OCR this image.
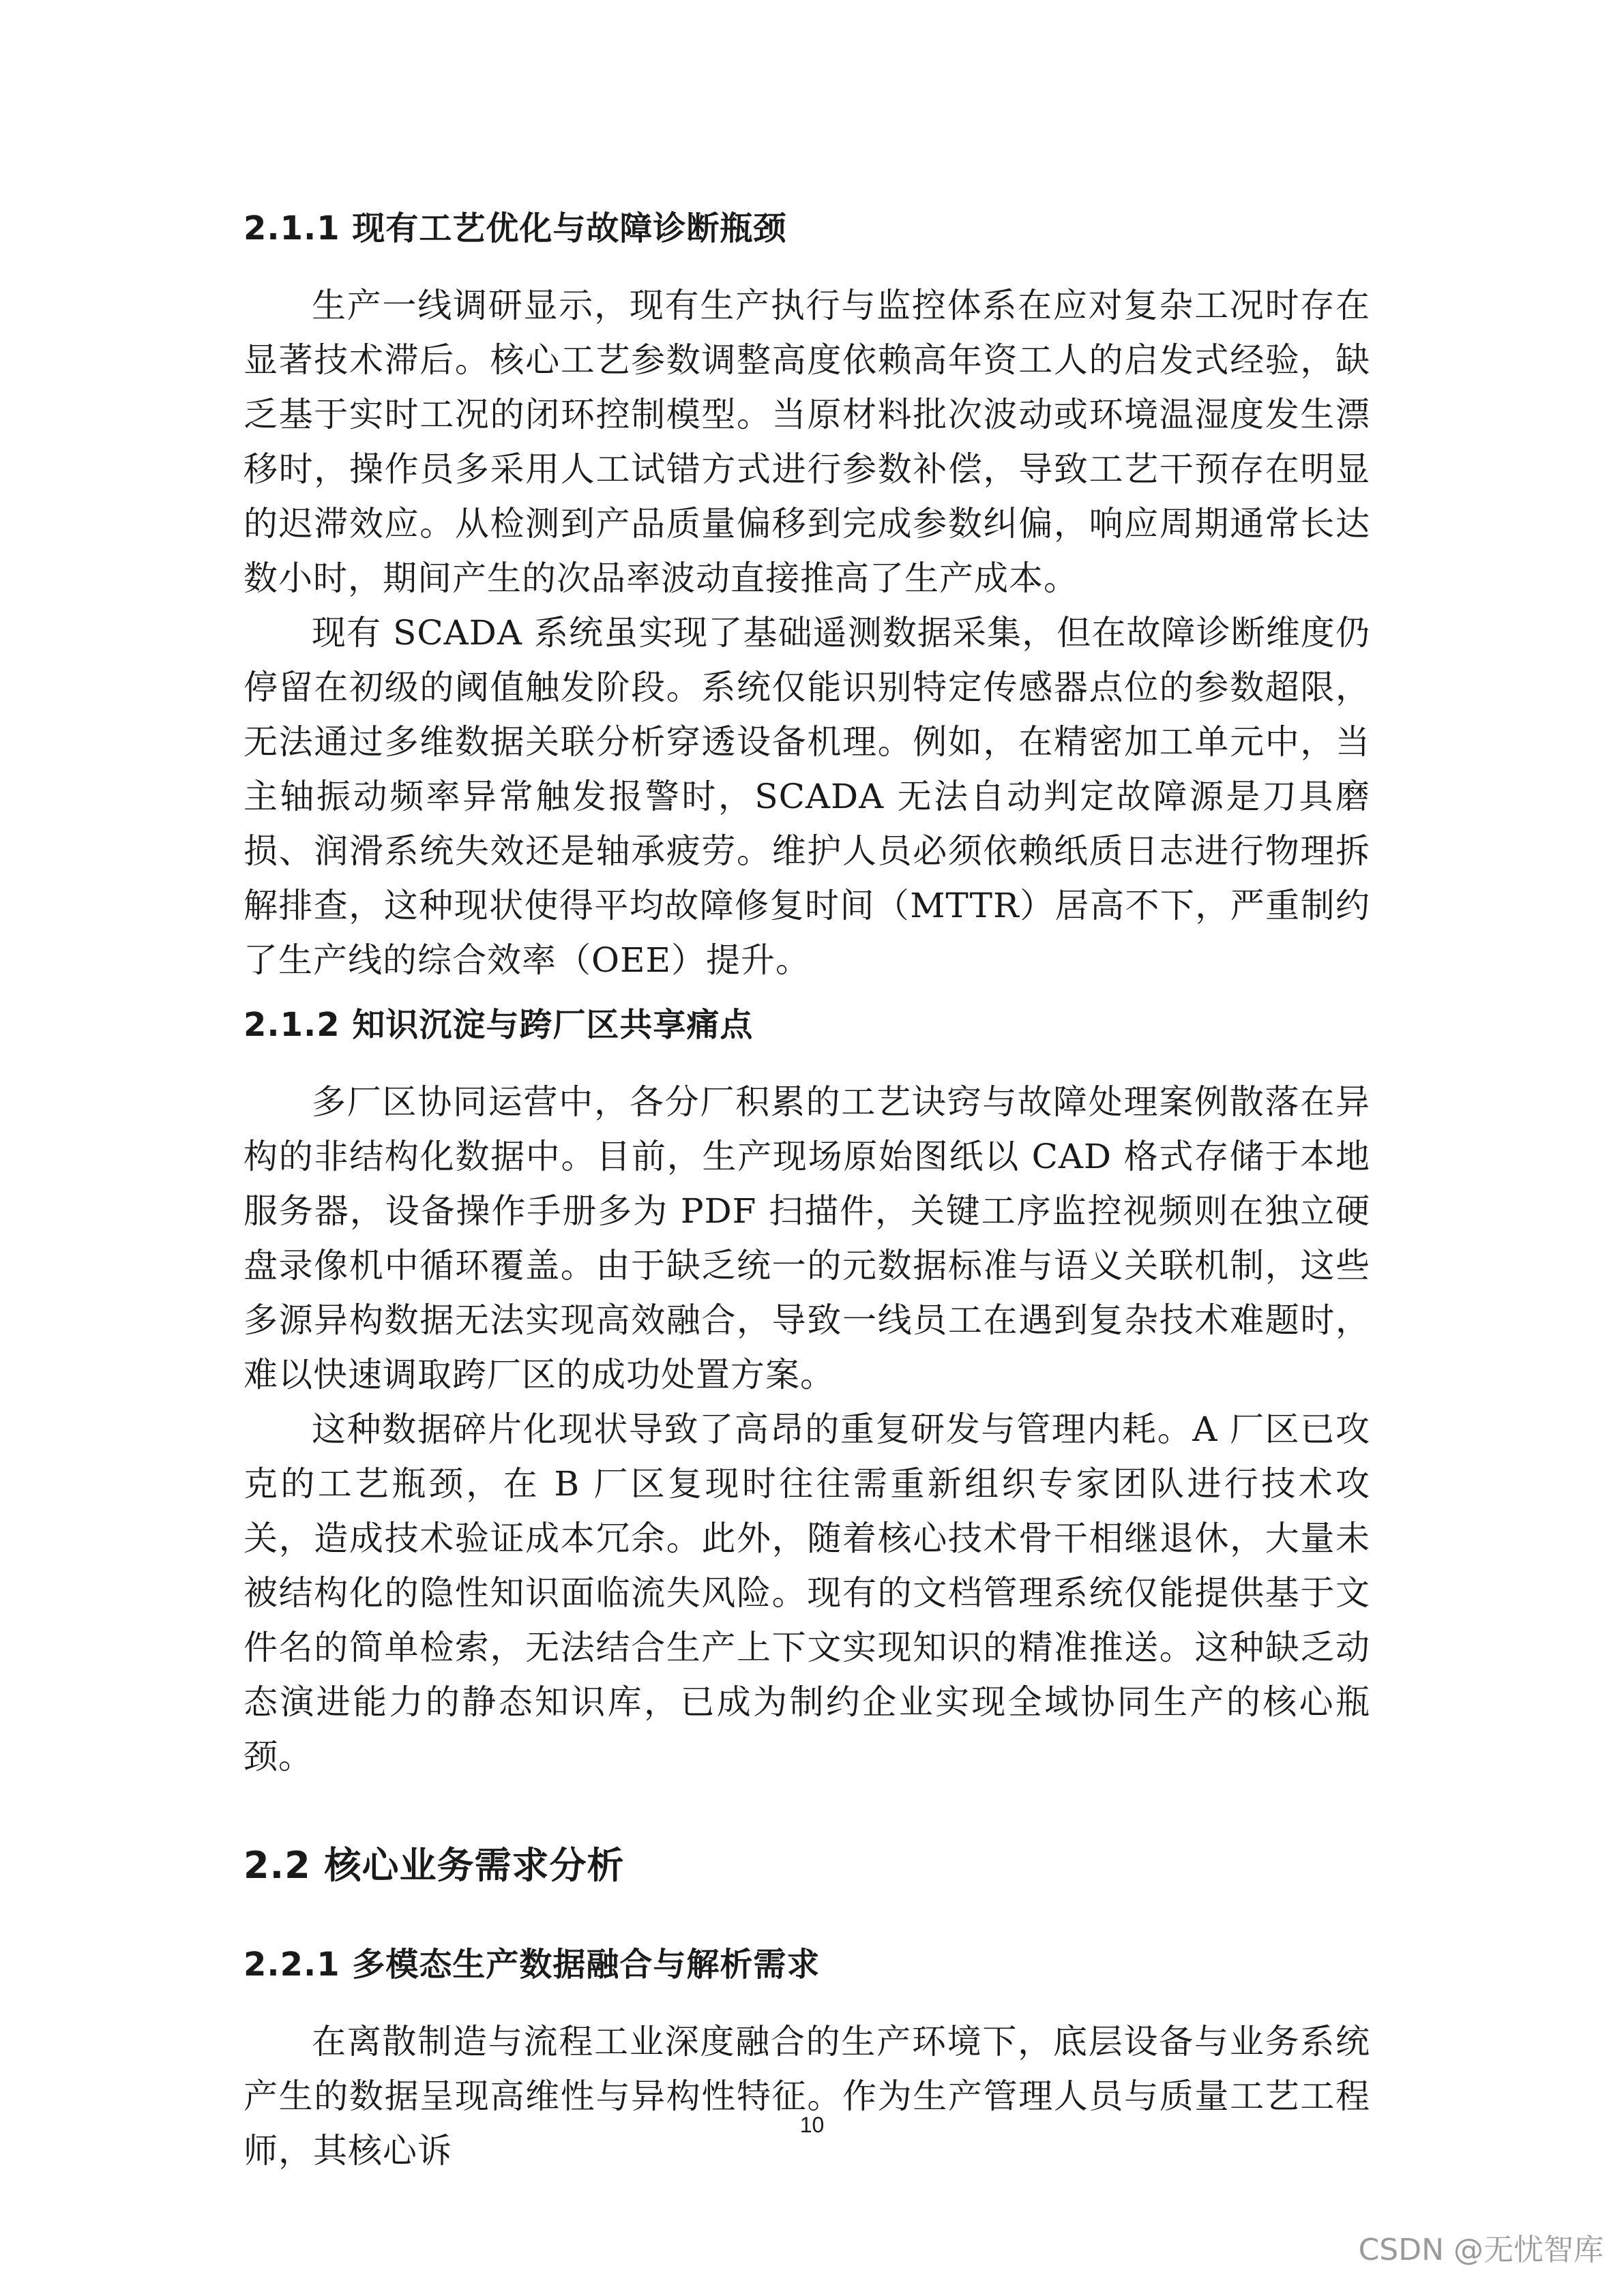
2.1.1 现有工艺优化与故障诊断瓶颈

生产一线调研显示，现有生产执行与监控体系在应对复杂工况时存在显著技术滞后。核心工艺参数调整高度依赖高年资工人的启发式经验，缺乏基于实时工况的闭环控制模型。当原材料批次波动或环境温湿度发生漂移时，操作员多采用人工试错方式进行参数补偿，导致工艺干预存在明显的迟滞效应。从检测到产品质量偏移到完成参数纠偏，响应周期通常长达数小时，期间产生的次品率波动直接推高了生产成本。

现有 SCADA 系统虽实现了基础遥测数据采集，但在故障诊断维度仍停留在初级的阈值触发阶段。系统仅能识别特定传感器点位的参数超限，无法通过多维数据关联分析穿透设备机理。例如，在精密加工单元中，当主轴振动频率异常触发报警时，SCADA 无法自动判定故障源是刀具磨损、润滑系统失效还是轴承疲劳。维护人员必须依赖纸质日志进行物理拆解排查，这种现状使得平均故障修复时间（MTTR）居高不下，严重制约了生产线的综合效率（OEE）提升。

2.1.2 知识沉淀与跨厂区共享痛点

多厂区协同运营中，各分厂积累的工艺诀窍与故障处理案例散落在异构的非结构化数据中。目前，生产现场原始图纸以 CAD 格式存储于本地服务器，设备操作手册多为 PDF 扫描件，关键工序监控视频则在独立硬盘录像机中循环覆盖。由于缺乏统一的元数据标准与语义关联机制，这些多源异构数据无法实现高效融合，导致一线员工在遇到复杂技术难题时，难以快速调取跨厂区的成功处置方案。

这种数据碎片化现状导致了高昂的重复研发与管理内耗。A 厂区已攻克的工艺瓶颈，在 B 厂区复现时往往需重新组织专家团队进行技术攻关，造成技术验证成本冗余。此外，随着核心技术骨干相继退休，大量未被结构化的隐性知识面临流失风险。现有的文档管理系统仅能提供基于文件名的简单检索，无法结合生产上下文实现知识的精准推送。这种缺乏动态演进能力的静态知识库，已成为制约企业实现全域协同生产的核心瓶颈。

2.2 核心业务需求分析
2.2.1 多模态生产数据融合与解析需求

在离散制造与流程工业深度融合的生产环境下，底层设备与业务系统产生的数据呈现高维性与异构性特征。作为生产管理人员与质量工艺工程师，其核心诉

10
CSDN @无忧智库
